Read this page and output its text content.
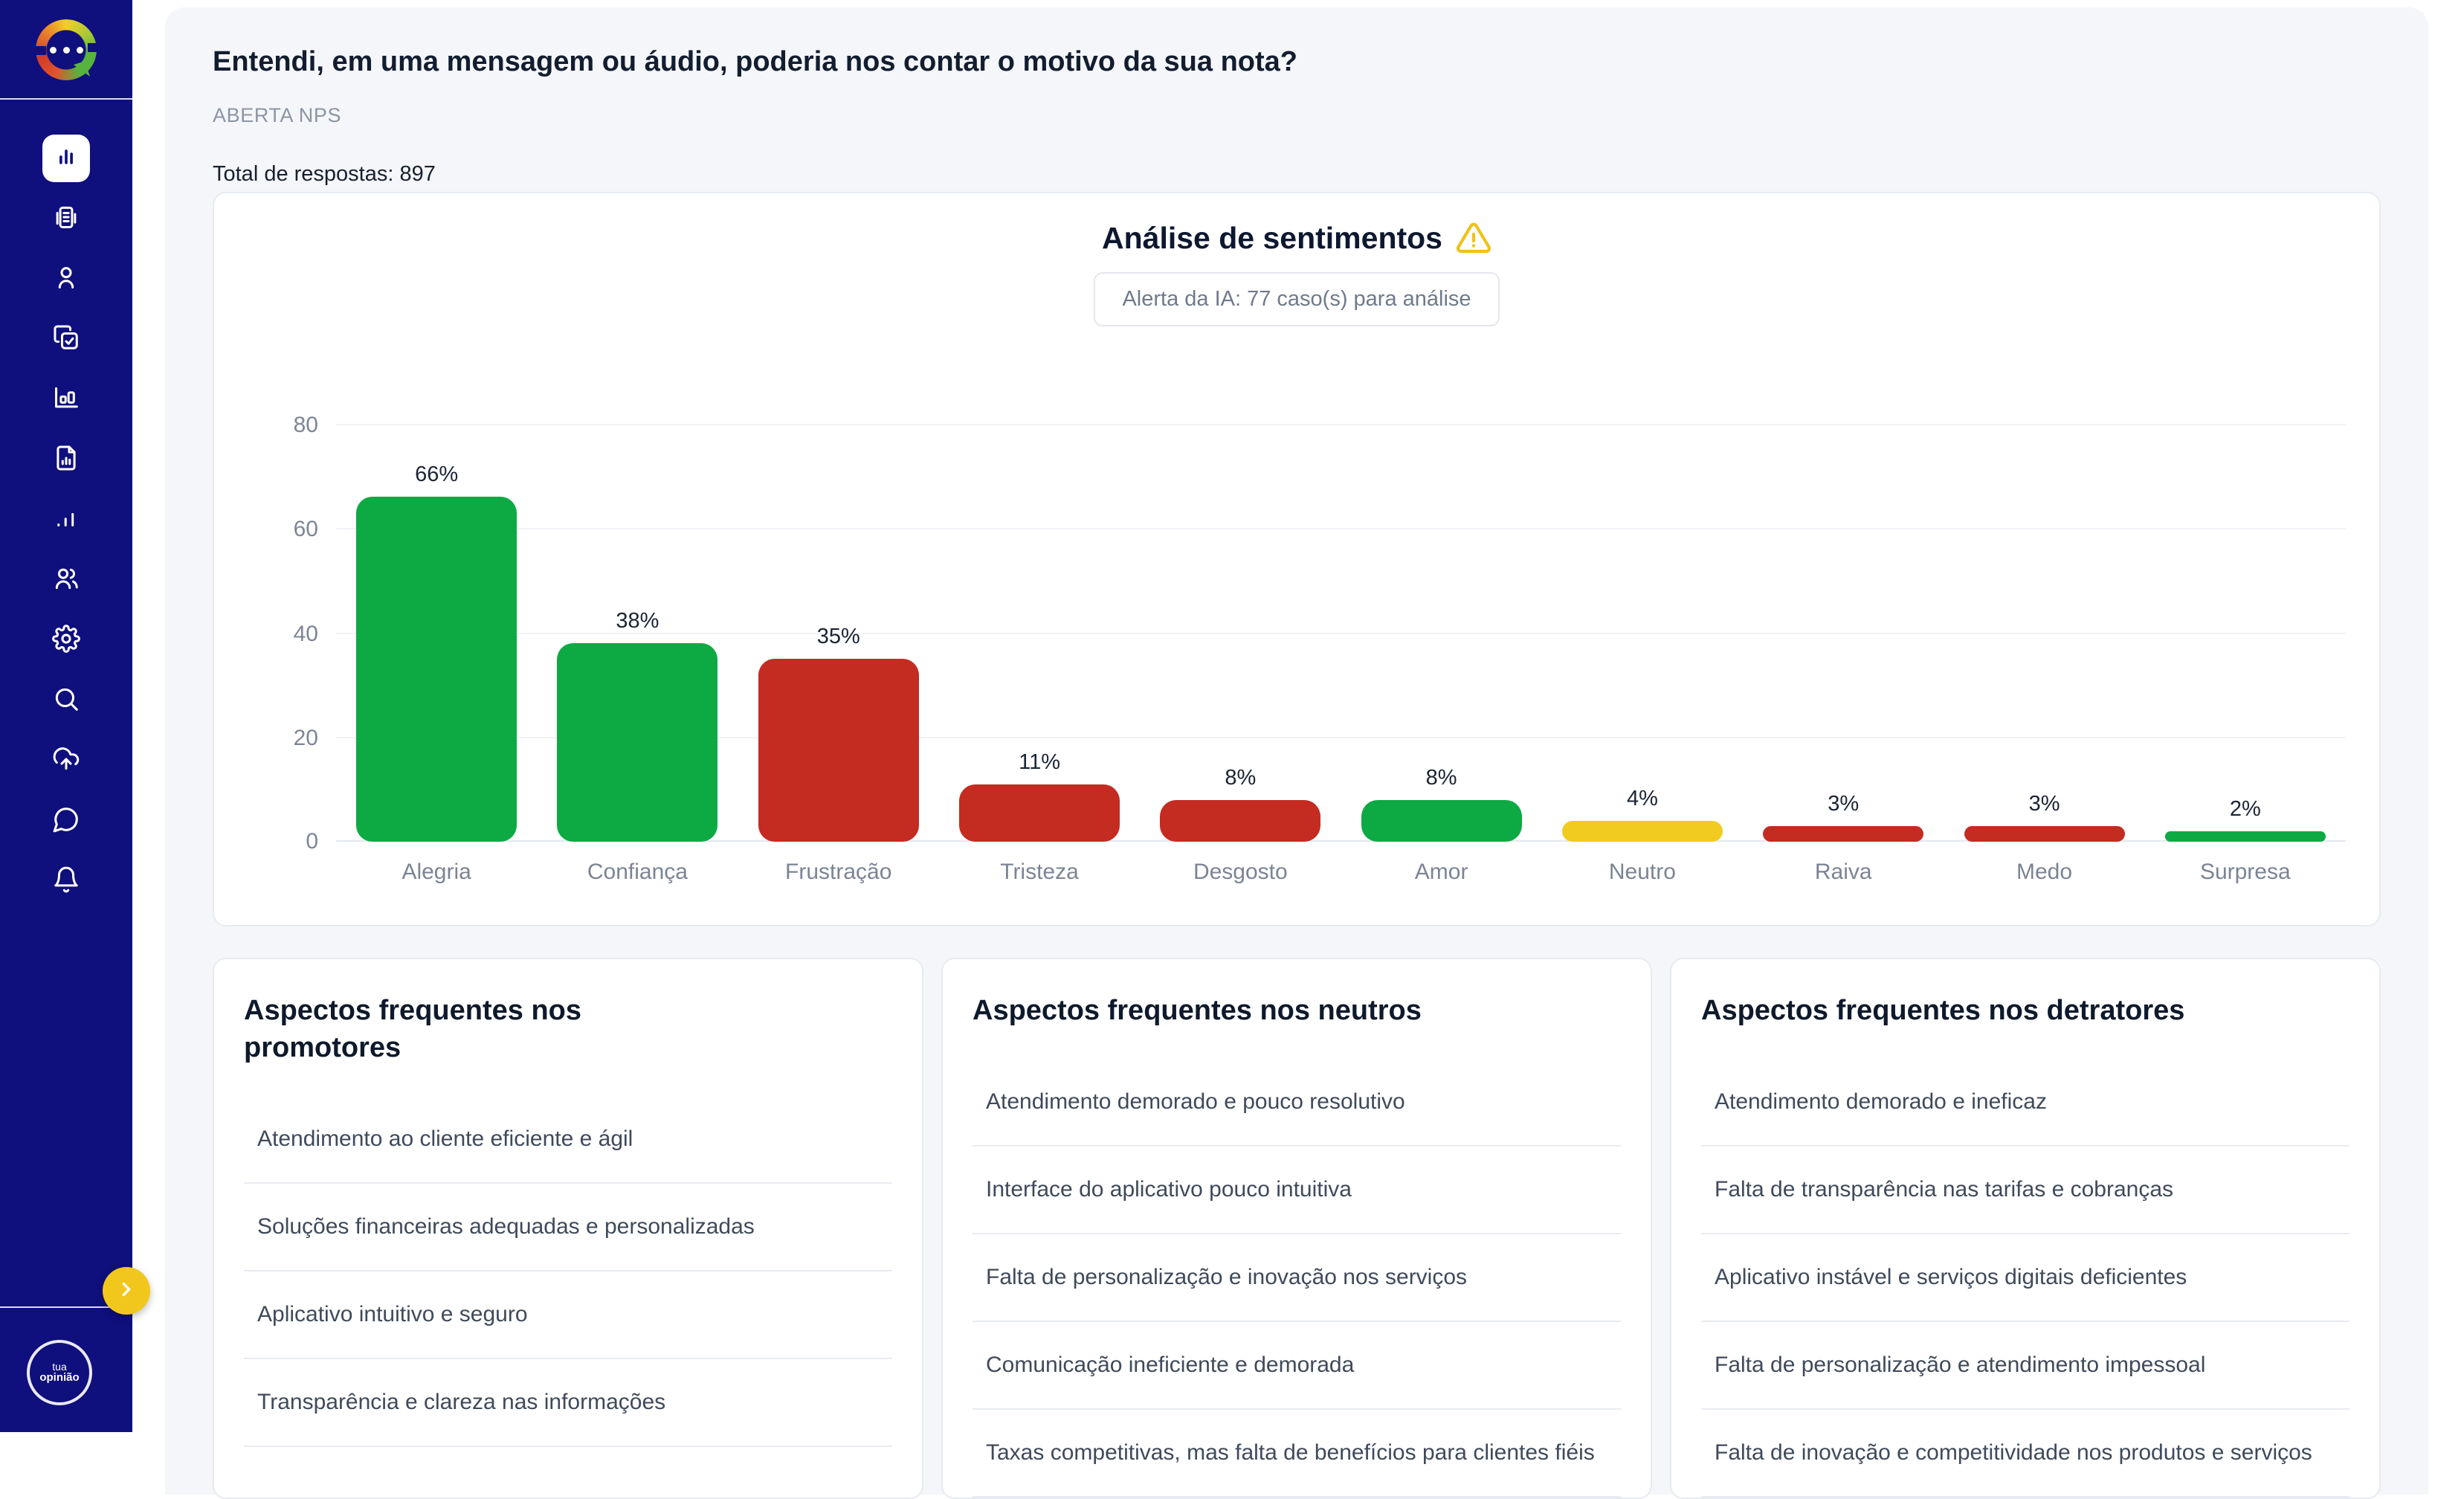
tua
opinião
Entendi, em uma mensagem ou áudio, poderia nos contar o motivo da sua nota?
ABERTA NPS
Total de respostas: 897
Análise de sentimentos
Alerta da IA: 77 caso(s) para análise
80
60
40
20
0
66%
Alegria
38%
Confiança
35%
Frustração
11%
Tristeza
8%
Desgosto
8%
Amor
4%
Neutro
3%
Raiva
3%
Medo
2%
Surpresa
Aspectos frequentes nos promotores
Atendimento ao cliente eficiente e ágil
Soluções financeiras adequadas e personalizadas
Aplicativo intuitivo e seguro
Transparência e clareza nas informações
Aspectos frequentes nos neutros
Atendimento demorado e pouco resolutivo
Interface do aplicativo pouco intuitiva
Falta de personalização e inovação nos serviços
Comunicação ineficiente e demorada
Taxas competitivas, mas falta de benefícios para clientes fiéis
Aspectos frequentes nos detratores
Atendimento demorado e ineficaz
Falta de transparência nas tarifas e cobranças
Aplicativo instável e serviços digitais deficientes
Falta de personalização e atendimento impessoal
Falta de inovação e competitividade nos produtos e serviços
